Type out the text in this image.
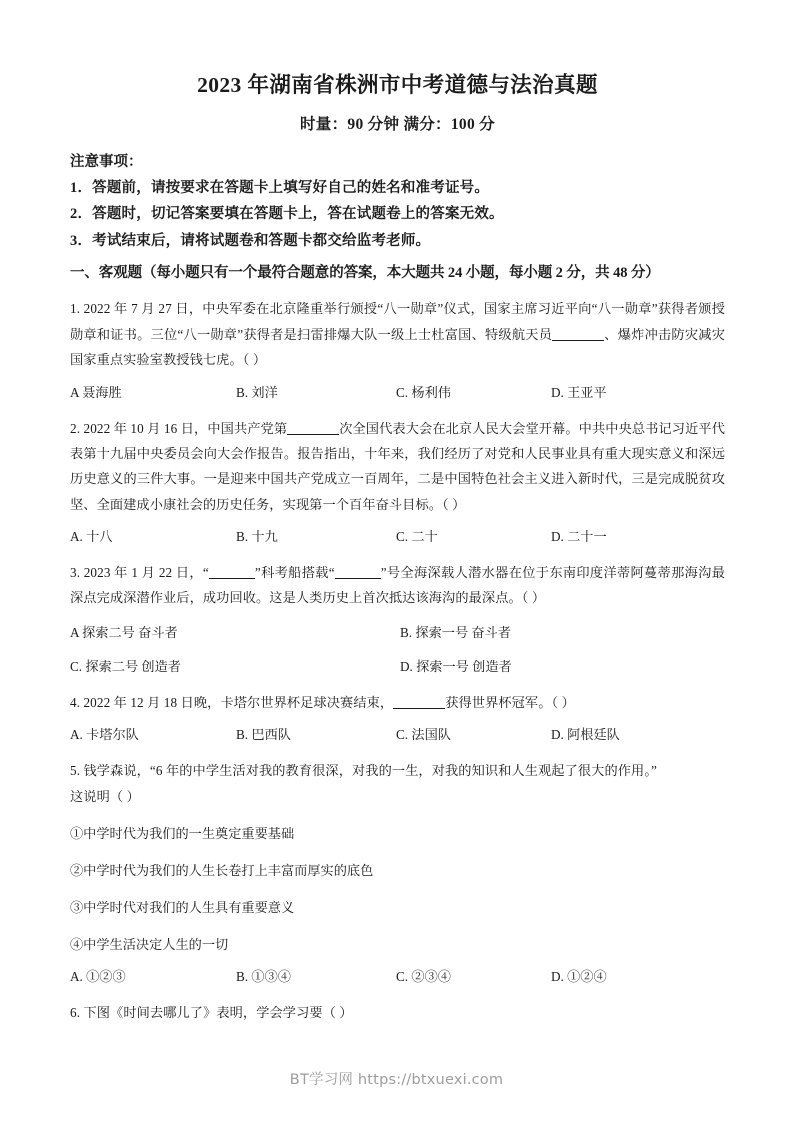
2023 年湖南省株洲市中考道德与法治真题
时量：90 分钟 满分：100 分
注意事项：
1．答题前，请按要求在答题卡上填写好自己的姓名和准考证号。
2．答题时，切记答案要填在答题卡上，答在试题卷上的答案无效。
3．考试结束后，请将试题卷和答题卡都交给监考老师。
一、客观题（每小题只有一个最符合题意的答案，本大题共 24 小题，每小题 2 分，共 48 分）

1. 2022 年 7 月 27 日，中央军委在北京隆重举行颁授“八一勋章”仪式，国家主席习近平向“八一勋章”获得者颁授勋章和证书。三位“八一勋章”获得者是扫雷排爆大队一级上士杜富国、特级航天员	、爆炸冲击防灾减灾国家重点实验室教授钱七虎。（ ）

A 聂海胜	B. 刘洋	C. 杨利伟	D. 王亚平

2. 2022 年 10 月 16 日，中国共产党第	次全国代表大会在北京人民大会堂开幕。中共中央总书记习近平代表第十九届中央委员会向大会作报告。报告指出，十年来，我们经历了对党和人民事业具有重大现实意义和深远历史意义的三件大事。一是迎来中国共产党成立一百周年，二是中国特色社会主义进入新时代，三是完成脱贫攻坚、全面建成小康社会的历史任务，实现第一个百年奋斗目标。（ ）

A. 十八	B. 十九	C. 二十	D. 二十一

3. 2023 年 1 月 22 日，“	”科考船搭载“	”号全海深载人潜水器在位于东南印度洋蒂阿蔓蒂那海沟最深点完成深潜作业后，成功回收。这是人类历史上首次抵达该海沟的最深点。（ ）

A 探索二号 奋斗者	B. 探索一号 奋斗者
C. 探索二号 创造者	D. 探索一号 创造者

4. 2022 年 12 月 18 日晚，卡塔尔世界杯足球决赛结束，	获得世界杯冠军。（ ）

A. 卡塔尔队	B. 巴西队	C. 法国队	D. 阿根廷队

5. 钱学森说，“6 年的中学生活对我的教育很深，对我的一生，对我的知识和人生观起了很大的作用。”

这说明（ ）

①中学时代为我们的一生奠定重要基础
②中学时代为我们的人生长卷打上丰富而厚实的底色
③中学时代对我们的人生具有重要意义
④中学生活决定人生的一切
A. ①②③	B. ①③④	C. ②③④	D. ①②④

6. 下图《时间去哪儿了》表明，学会学习要（ ）

BT学习网 https://btxuexi.com
